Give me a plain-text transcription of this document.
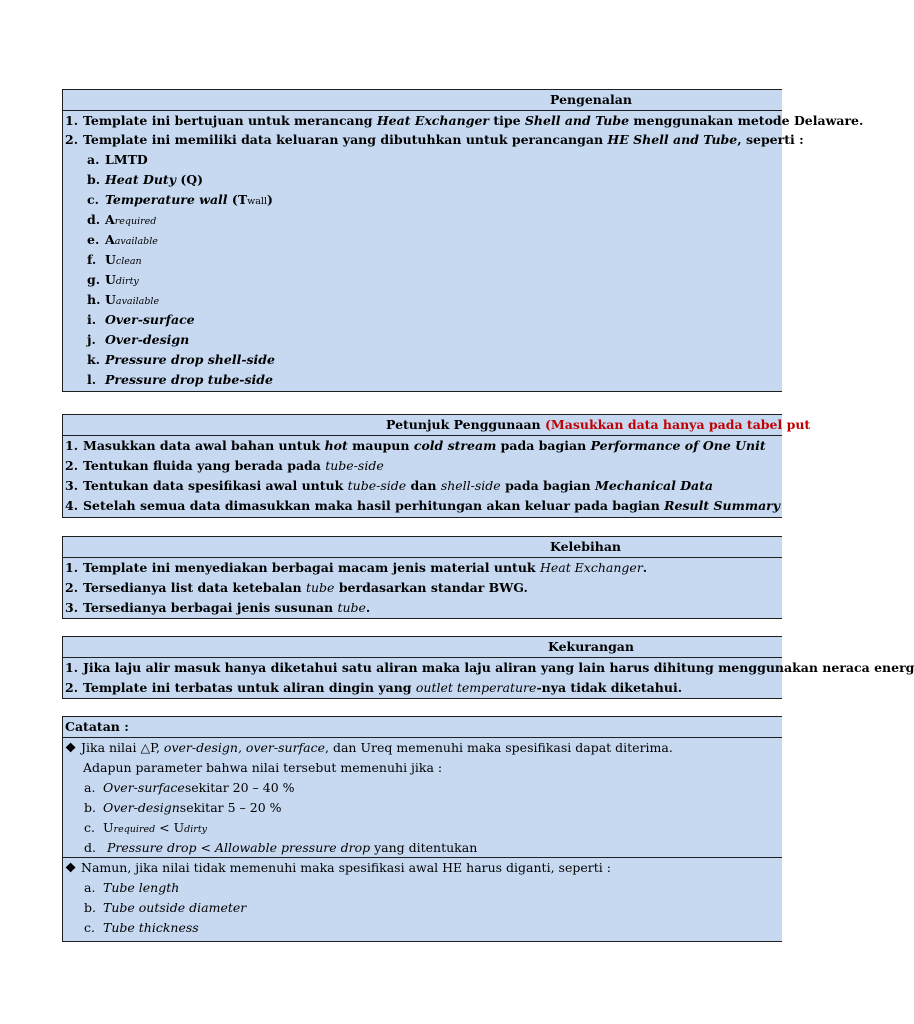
Pengenalan
1. Template ini bertujuan untuk merancang Heat Exchanger tipe Shell and Tube menggunakan metode Delaware.
2. Template ini memiliki data keluaran yang dibutuhkan untuk perancangan HE Shell and Tube, seperti :
a. LMTD
b. Heat Duty (Q)
c. Temperature wall (Twall)
d. Arequired
e. Aavailable
f. Uclean
g. Udirty
h. Uavailable
i. Over-surface
j. Over-design
k. Pressure drop shell-side
l. Pressure drop tube-side
Petunjuk Penggunaan (Masukkan data hanya pada tabel put
1. Masukkan data awal bahan untuk hot maupun cold stream pada bagian Performance of One Unit
2. Tentukan fluida yang berada pada tube-side
3. Tentukan data spesifikasi awal untuk tube-side dan shell-side pada bagian Mechanical Data
4. Setelah semua data dimasukkan maka hasil perhitungan akan keluar pada bagian Result Summary
Kelebihan
1. Template ini menyediakan berbagai macam jenis material untuk Heat Exchanger.
2. Tersedianya list data ketebalan tube berdasarkan standar BWG.
3. Tersedianya berbagai jenis susunan tube.
Kekurangan
1. Jika laju alir masuk hanya diketahui satu aliran maka laju aliran yang lain harus dihitung menggunakan neraca energ
2. Template ini terbatas untuk aliran dingin yang outlet temperature-nya tidak diketahui.
Catatan :
❖ Jika nilai △P, over-design, over-surface, dan Ureq memenuhi maka spesifikasi dapat diterima.
Adapun parameter bahwa nilai tersebut memenuhi jika :
a. Over-surfacesekitar 20 – 40 %
b. Over-designsekitar 5 – 20 %
c. Urequired < Udirty
d. Pressure drop < Allowable pressure drop yang ditentukan
❖ Namun, jika nilai tidak memenuhi maka spesifikasi awal HE harus diganti, seperti :
a. Tube length
b. Tube outside diameter
c. Tube thickness
